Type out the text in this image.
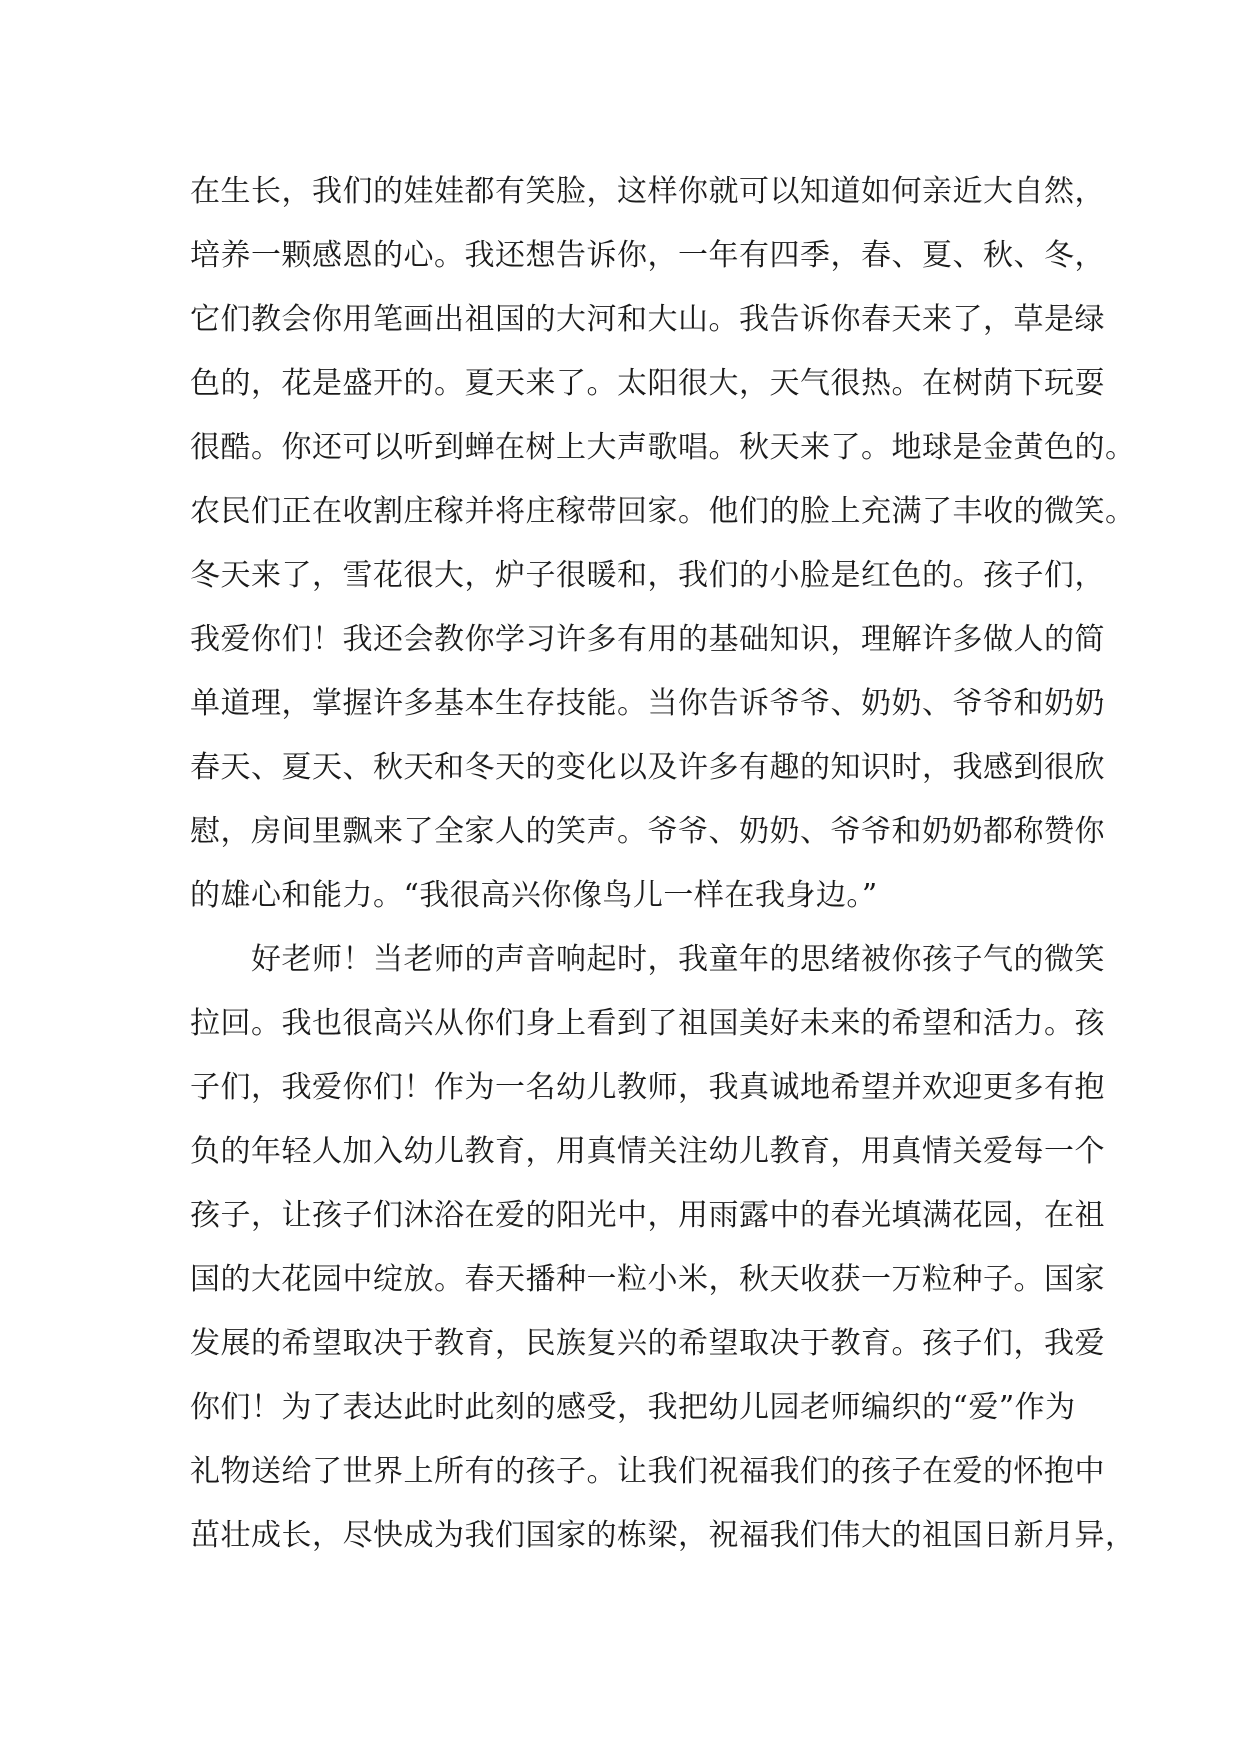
在生长，我们的娃娃都有笑脸，这样你就可以知道如何亲近大自然，
培养一颗感恩的心。我还想告诉你，一年有四季，春、夏、秋、冬，
它们教会你用笔画出祖国的大河和大山。我告诉你春天来了，草是绿
色的，花是盛开的。夏天来了。太阳很大，天气很热。在树荫下玩耍
很酷。你还可以听到蝉在树上大声歌唱。秋天来了。地球是金黄色的。
农民们正在收割庄稼并将庄稼带回家。他们的脸上充满了丰收的微笑。
冬天来了，雪花很大，炉子很暖和，我们的小脸是红色的。孩子们，
我爱你们！我还会教你学习许多有用的基础知识，理解许多做人的简
单道理，掌握许多基本生存技能。当你告诉爷爷、奶奶、爷爷和奶奶
春天、夏天、秋天和冬天的变化以及许多有趣的知识时，我感到很欣
慰，房间里飘来了全家人的笑声。爷爷、奶奶、爷爷和奶奶都称赞你
的雄心和能力。“我很高兴你像鸟儿一样在我身边。”
　　好老师！当老师的声音响起时，我童年的思绪被你孩子气的微笑
拉回。我也很高兴从你们身上看到了祖国美好未来的希望和活力。孩
子们，我爱你们！作为一名幼儿教师，我真诚地希望并欢迎更多有抱
负的年轻人加入幼儿教育，用真情关注幼儿教育，用真情关爱每一个
孩子，让孩子们沐浴在爱的阳光中，用雨露中的春光填满花园，在祖
国的大花园中绽放。春天播种一粒小米，秋天收获一万粒种子。国家
发展的希望取决于教育，民族复兴的希望取决于教育。孩子们，我爱
你们！为了表达此时此刻的感受，我把幼儿园老师编织的“爱”作为
礼物送给了世界上所有的孩子。让我们祝福我们的孩子在爱的怀抱中
茁壮成长，尽快成为我们国家的栋梁，祝福我们伟大的祖国日新月异，
